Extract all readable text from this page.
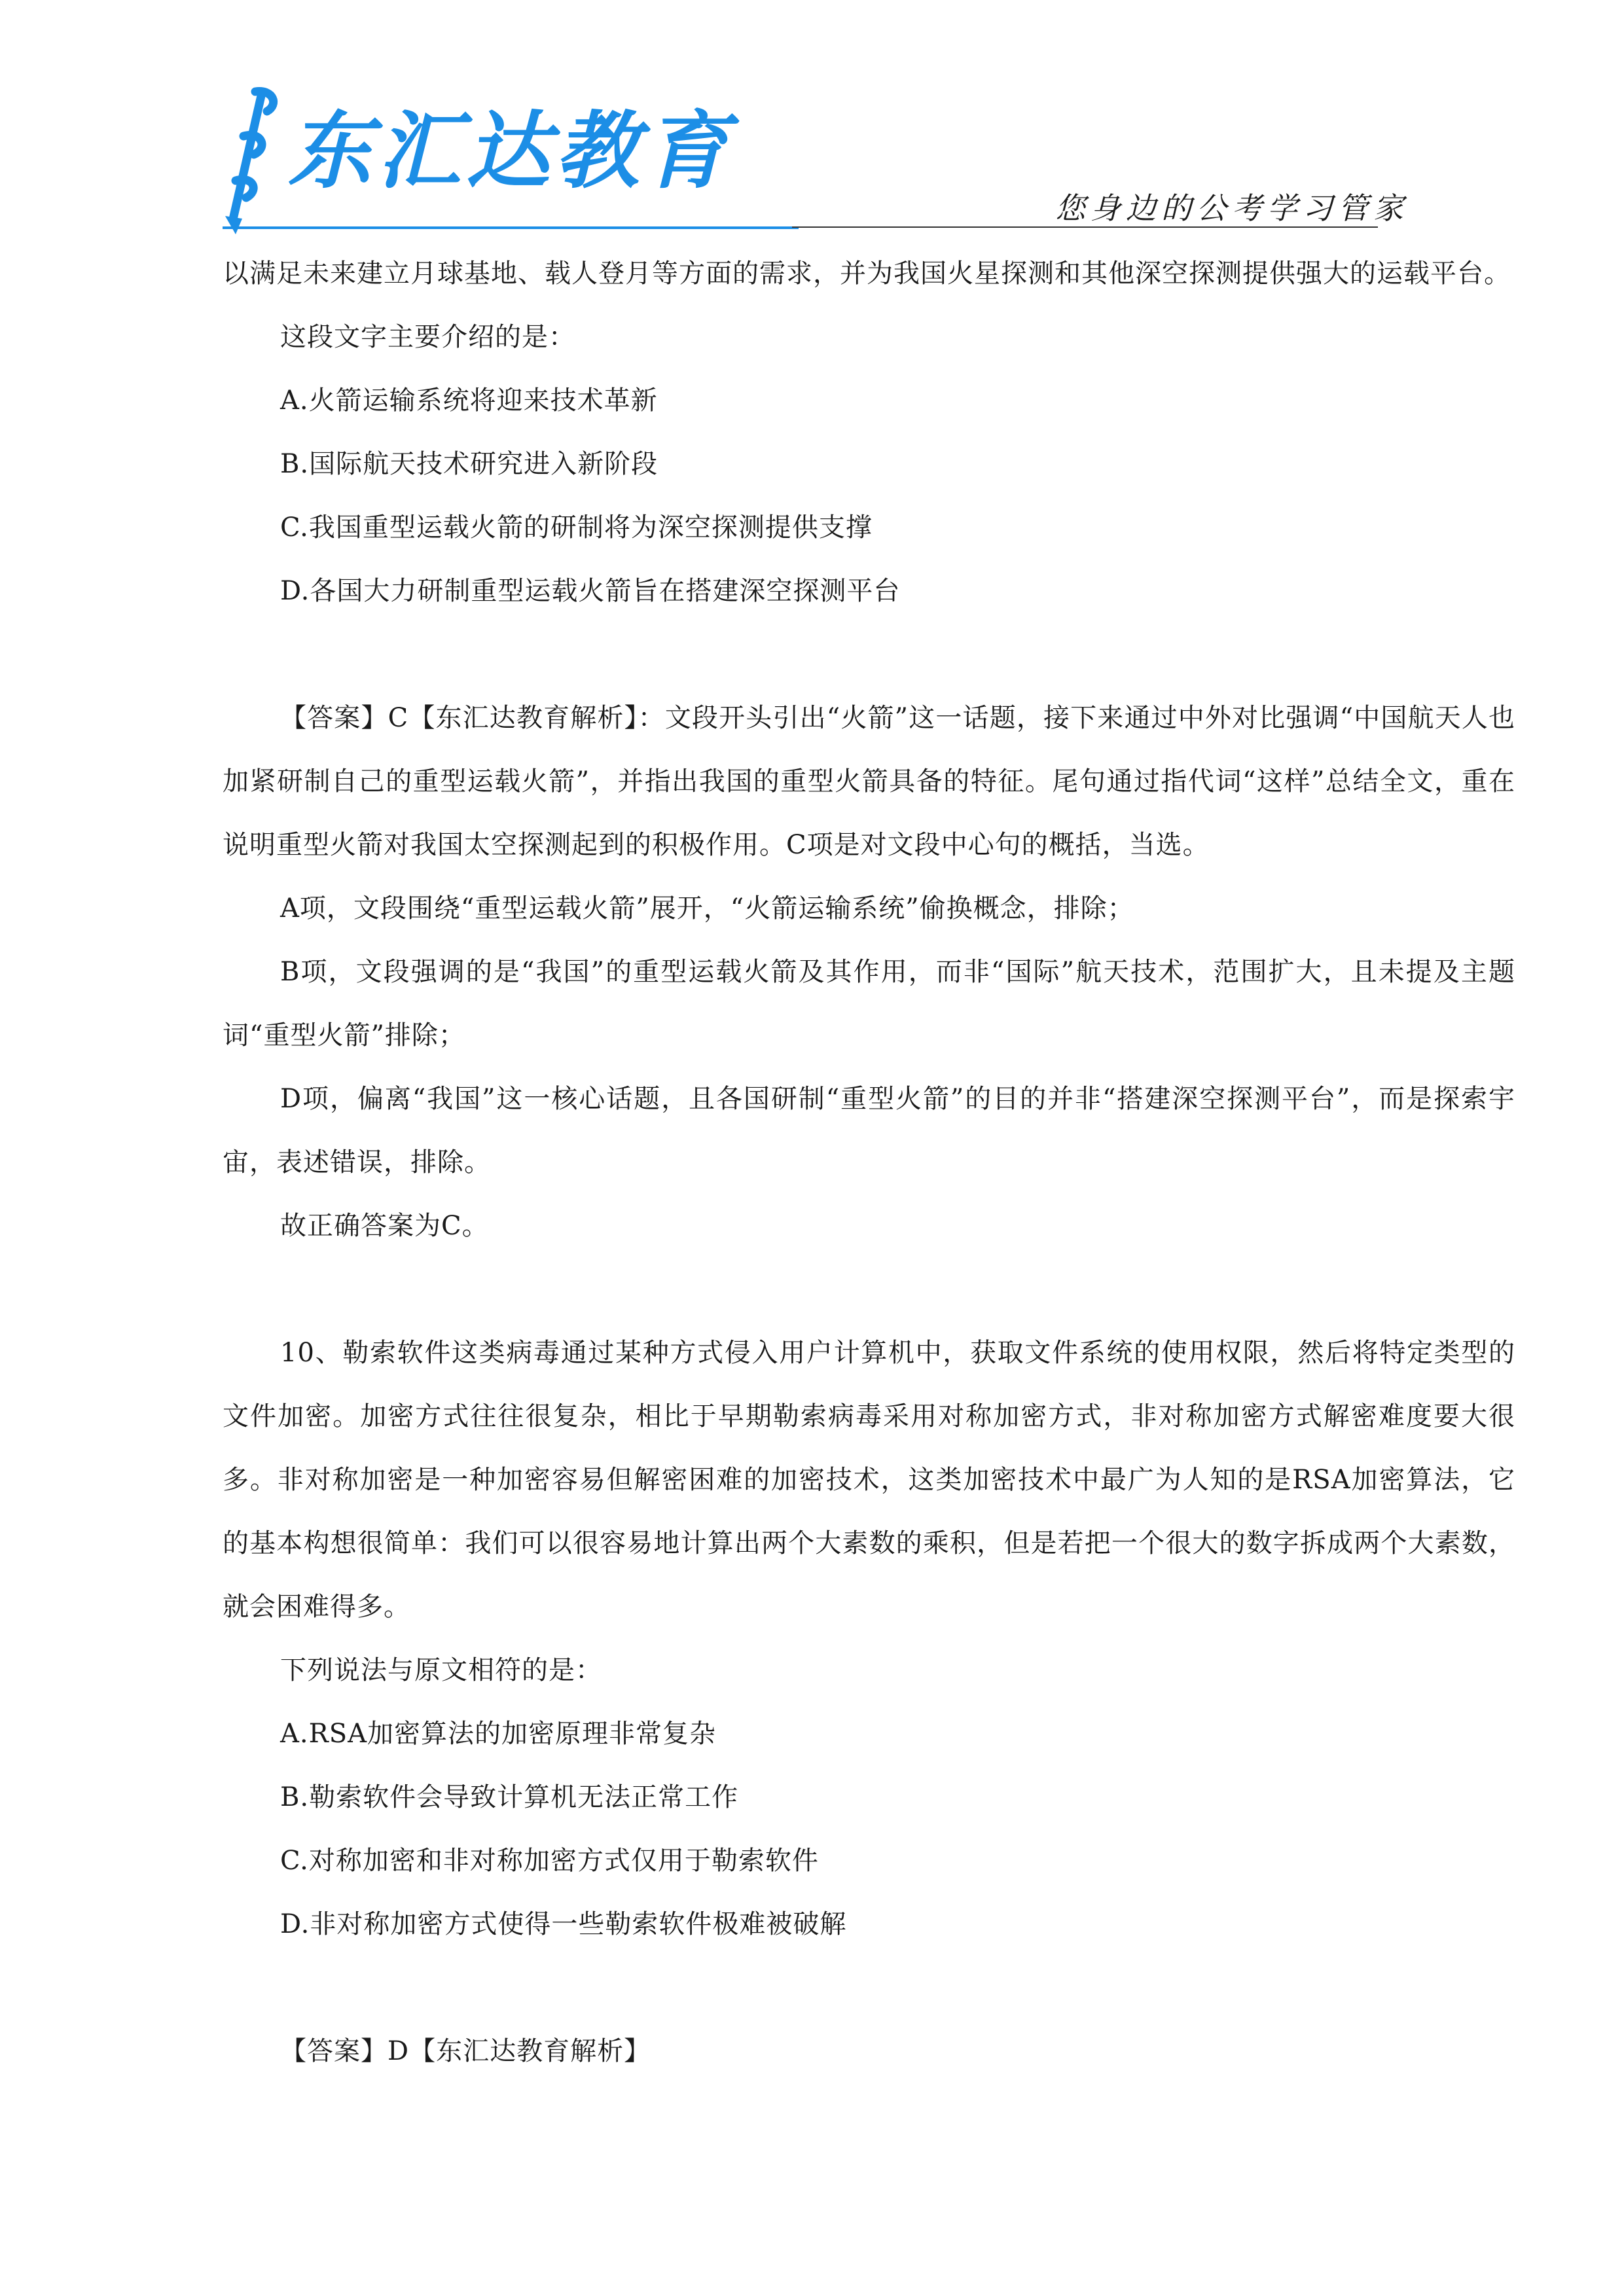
东汇达教育
您身边的公考学习管家

以满足未来建立月球基地、载人登月等方面的需求，并为我国火星探测和其他深空探测提供强大的运载平台。

这段文字主要介绍的是：

A.火箭运输系统将迎来技术革新

B.国际航天技术研究进入新阶段

C.我国重型运载火箭的研制将为深空探测提供支撑

D.各国大力研制重型运载火箭旨在搭建深空探测平台

【答案】C【东汇达教育解析】：文段开头引出“火箭”这一话题，接下来通过中外对比强调“中国航天人也加紧研制自己的重型运载火箭”，并指出我国的重型火箭具备的特征。尾句通过指代词“这样”总结全文，重在说明重型火箭对我国太空探测起到的积极作用。C项是对文段中心句的概括，当选。

A项，文段围绕“重型运载火箭”展开，“火箭运输系统”偷换概念，排除；

B项，文段强调的是“我国”的重型运载火箭及其作用，而非“国际”航天技术，范围扩大，且未提及主题词“重型火箭”排除；

D项，偏离“我国”这一核心话题，且各国研制“重型火箭”的目的并非“搭建深空探测平台”，而是探索宇宙，表述错误，排除。

故正确答案为C。

10、勒索软件这类病毒通过某种方式侵入用户计算机中，获取文件系统的使用权限，然后将特定类型的文件加密。加密方式往往很复杂，相比于早期勒索病毒采用对称加密方式，非对称加密方式解密难度要大很多。非对称加密是一种加密容易但解密困难的加密技术，这类加密技术中最广为人知的是RSA加密算法，它的基本构想很简单：我们可以很容易地计算出两个大素数的乘积，但是若把一个很大的数字拆成两个大素数，就会困难得多。

下列说法与原文相符的是：

A.RSA加密算法的加密原理非常复杂

B.勒索软件会导致计算机无法正常工作

C.对称加密和非对称加密方式仅用于勒索软件

D.非对称加密方式使得一些勒索软件极难被破解

【答案】D【东汇达教育解析】
